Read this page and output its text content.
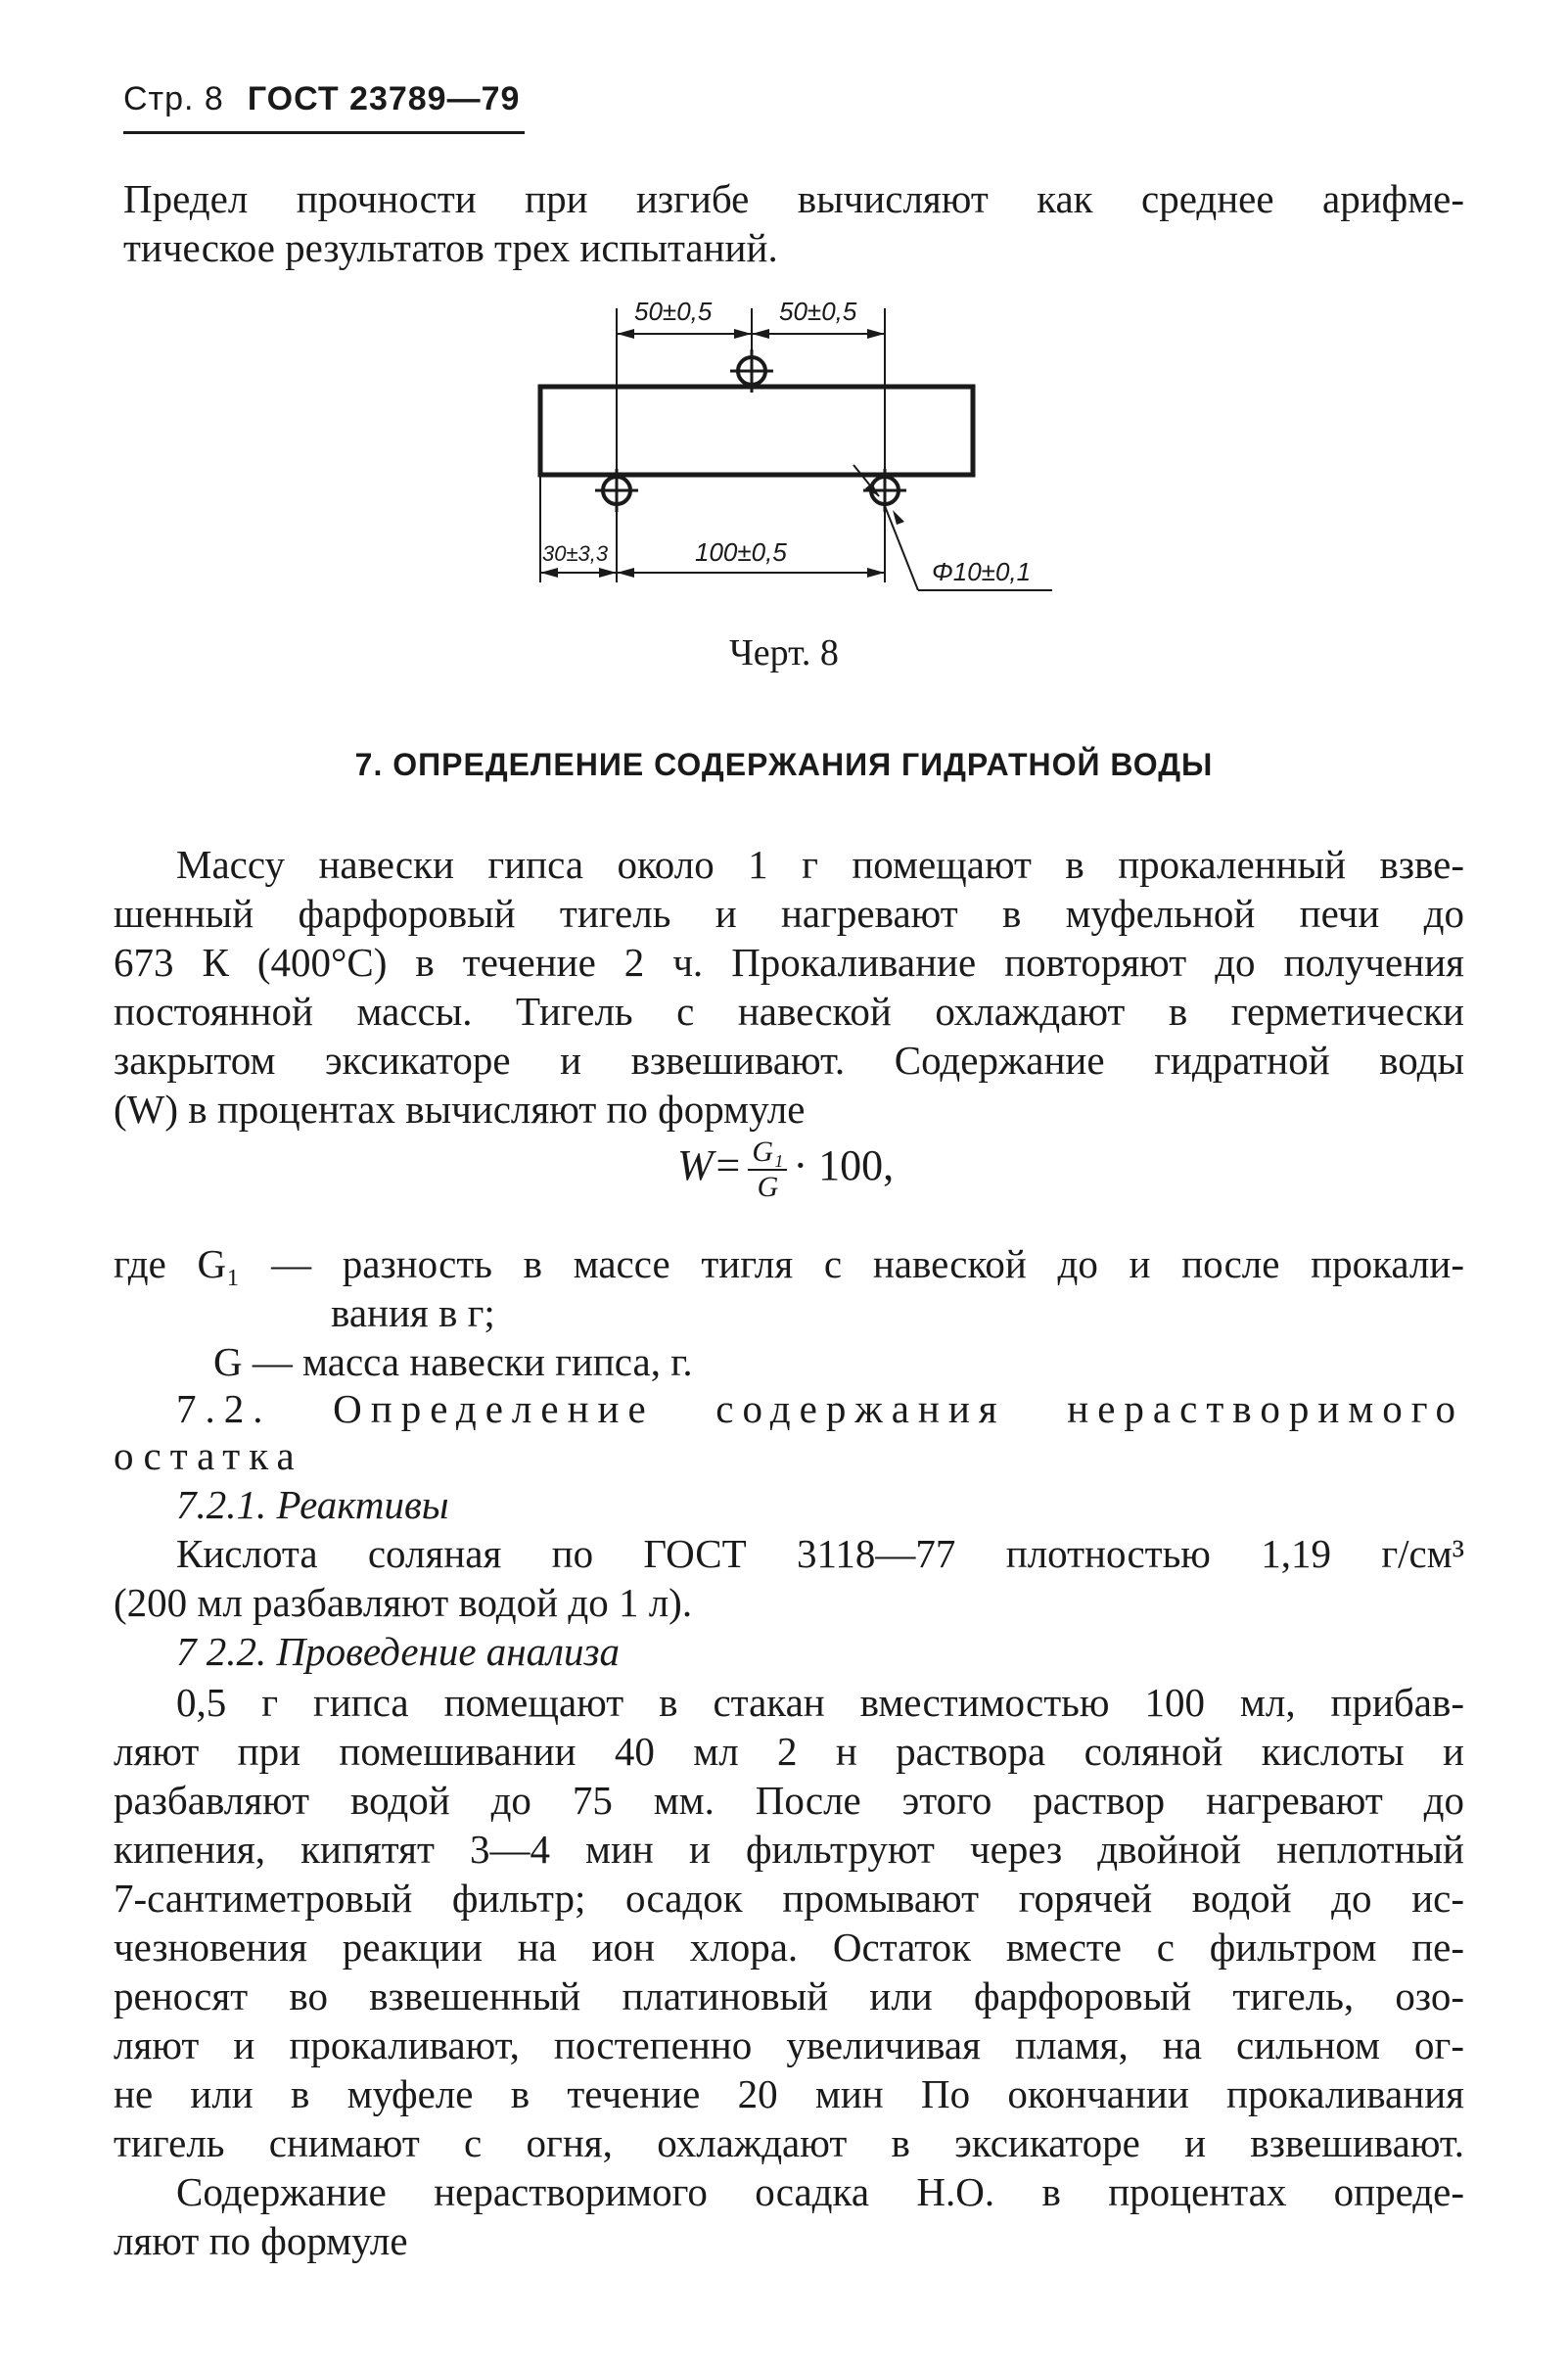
Стр. 8 ГОСТ 23789—79
Предел прочности при изгибе вычисляют как среднее арифме-
тическое результатов трех испытаний.
50±0,5	50±0,5
30±3,3	100±0,5
Φ10±0,1
Черт. 8
7. ОПРЕДЕЛЕНИЕ СОДЕРЖАНИЯ ГИДРАТНОЙ ВОДЫ
Массу навески гипса около 1 г помещают в прокаленный взве-
шенный фарфоровый тигель и нагревают в муфельной печи до
673 К (400°С) в течение 2 ч. Прокаливание повторяют до получения
постоянной массы. Тигель с навеской охлаждают в герметически
закрытом эксикаторе и взвешивают. Содержание гидратной воды
(W) в процентах вычисляют по формуле
$W= \frac{\text{G₁}}{G} \cdot 100$,
где G₁ — разность в массе тигля с навеской до и после прокали-
вания в г;
G — масса навески гипса, г.
7.2. Определение содержания нерастворимого
остатка
7.2.1. Реактивы
Кислота соляная по ГОСТ 3118—77 плотностью 1,19 г/см³
(200 мл разбавляют водой до 1 л).
7 2.2. Проведение анализа
0,5 г гипса помещают в стакан вместимостью 100 мл, прибав-
ляют при помешивании 40 мл 2 н раствора соляной кислоты и
разбавляют водой до 75 мм. После этого раствор нагревают до
кипения, кипятят 3—4 мин и фильтруют через двойной неплотный
7-сантиметровый фильтр; осадок промывают горячей водой до ис-
чезновения реакции на ион хлора. Остаток вместе с фильтром пе-
реносят во взвешенный платиновый или фарфоровый тигель, озо-
ляют и прокаливают, постепенно увеличивая пламя, на сильном ог-
не или в муфеле в течение 20 мин По окончании прокаливания
тигель снимают с огня, охлаждают в эксикаторе и взвешивают.
Содержание нерастворимого осадка Н.О. в процентах опреде-
ляют по формуле
